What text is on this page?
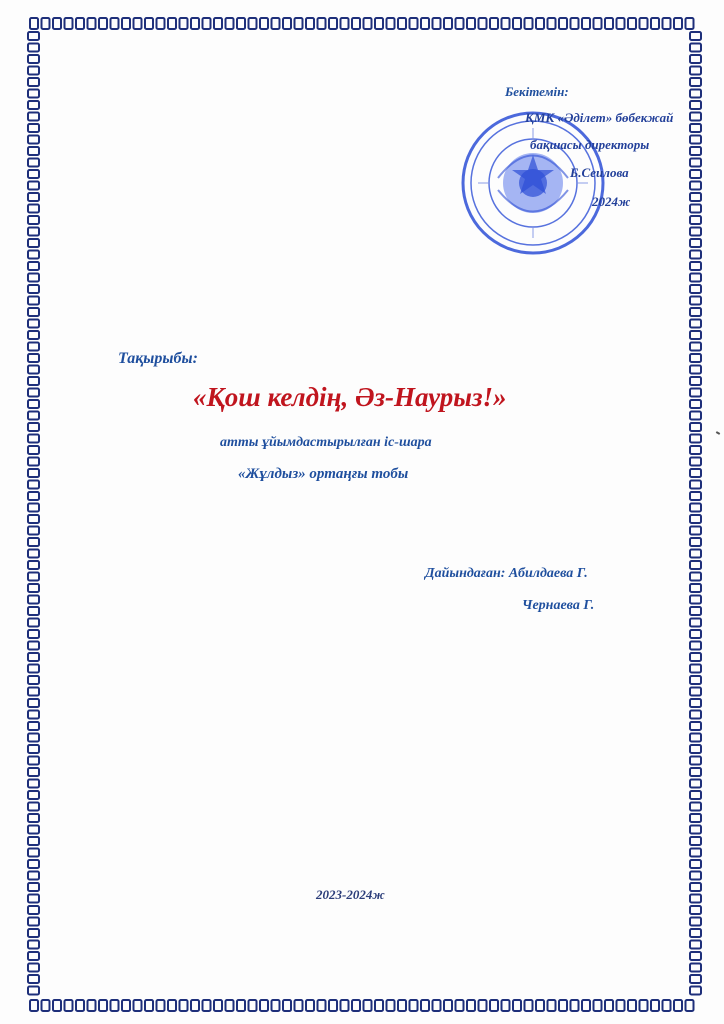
Бекітемін:
ҚМК «Әділет» бөбекжай
бақшасы директоры
Б.Сеилова
2024ж
Тақырыбы:
«Қош келдің, Әз-Наурыз!»
атты ұйымдастырылған іс-шара
«Жұлдыз» ортаңғы тобы
Дайындаған: Абилдаева Г.
Чернаева Г.
2023-2024ж
